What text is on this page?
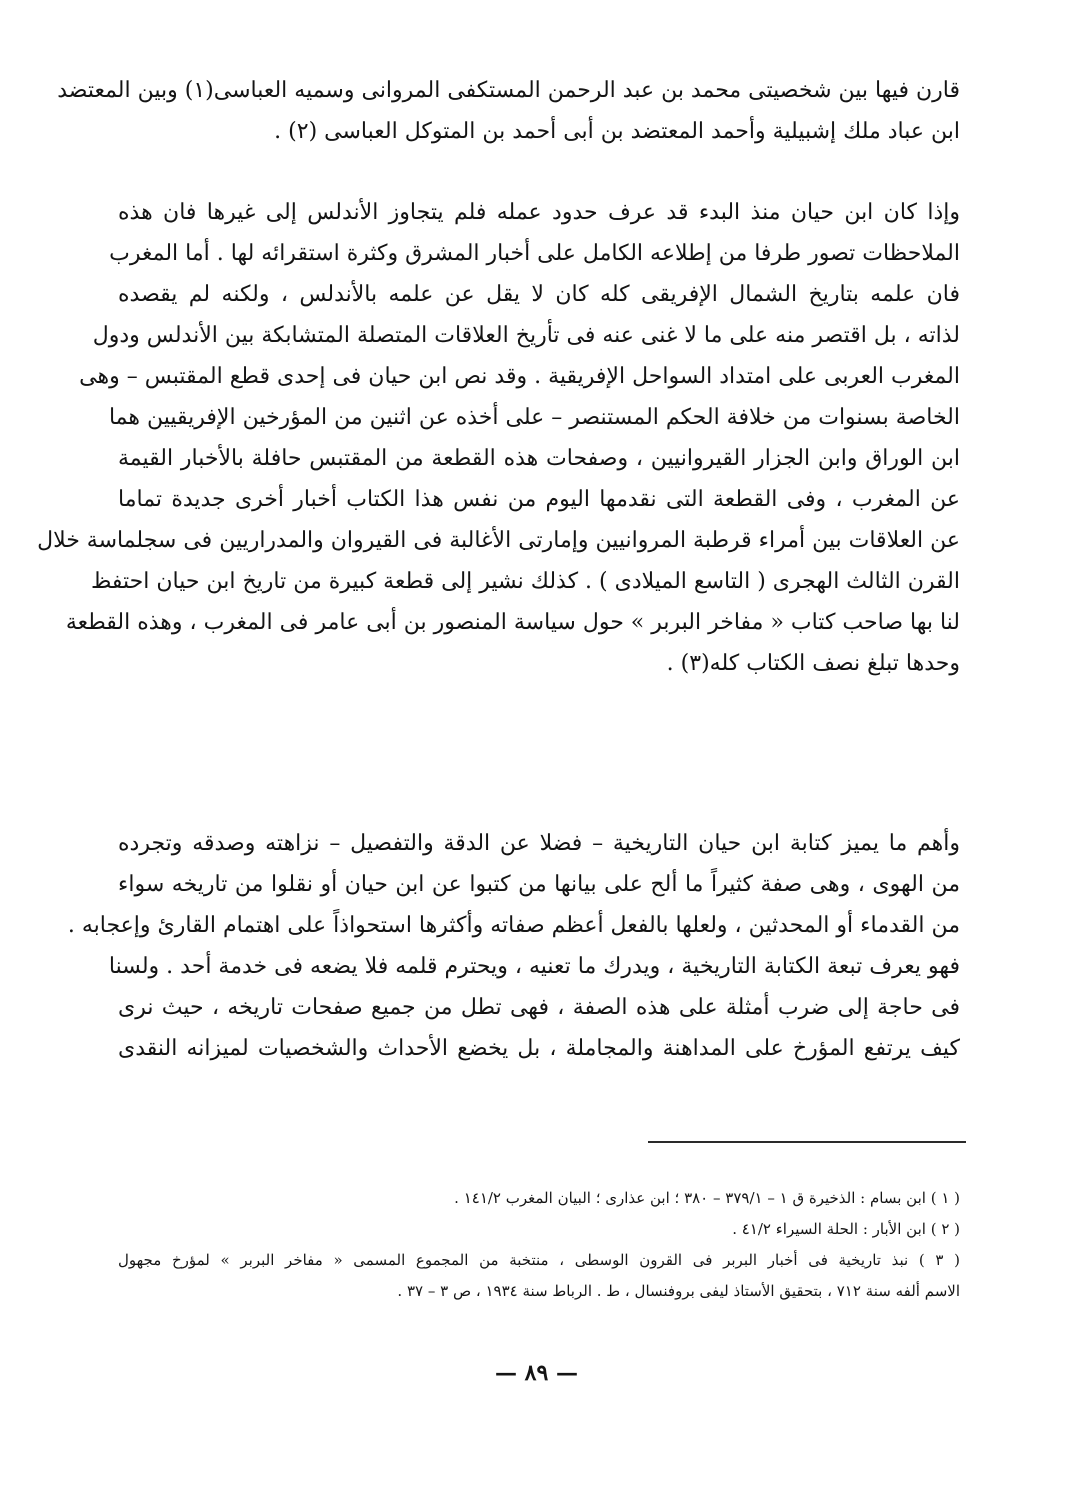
قارن فيها بين شخصيتى محمد بن عبد الرحمن المستكفى المروانى وسميه العباسى(١) وبين المعتضد
ابن عباد ملك إشبيلية وأحمد المعتضد بن أبى أحمد بن المتوكل العباسى (٢) .
وإذا كان ابن حيان منذ البدء قد عرف حدود عمله فلم يتجاوز الأندلس إلى غيرها فان هذه
الملاحظات تصور طرفا من إطلاعه الكامل على أخبار المشرق وكثرة استقرائه لها . أما المغرب
فان علمه بتاريخ الشمال الإفريقى كله كان لا يقل عن علمه بالأندلس ، ولكنه لم يقصده
لذاته ، بل اقتصر منه على ما لا غنى عنه فى تأريخ العلاقات المتصلة المتشابكة بين الأندلس ودول
المغرب العربى على امتداد السواحل الإفريقية . وقد نص ابن حيان فى إحدى قطع المقتبس – وهى
الخاصة بسنوات من خلافة الحكم المستنصر – على أخذه عن اثنين من المؤرخين الإفريقيين هما
ابن الوراق وابن الجزار القيروانيين ، وصفحات هذه القطعة من المقتبس حافلة بالأخبار القيمة
عن المغرب ، وفى القطعة التى نقدمها اليوم من نفس هذا الكتاب أخبار أخرى جديدة تماما
عن العلاقات بين أمراء قرطبة المروانيين وإمارتى الأغالبة فى القيروان والمدراريين فى سجلماسة خلال
القرن الثالث الهجرى ( التاسع الميلادى ) . كذلك نشير إلى قطعة كبيرة من تاريخ ابن حيان احتفظ
لنا بها صاحب كتاب « مفاخر البربر » حول سياسة المنصور بن أبى عامر فى المغرب ، وهذه القطعة
وحدها تبلغ نصف الكتاب كله(٣) .
وأهم ما يميز كتابة ابن حيان التاريخية – فضلا عن الدقة والتفصيل – نزاهته وصدقه وتجرده
من الهوى ، وهى صفة كثيراً ما ألح على بيانها من كتبوا عن ابن حيان أو نقلوا من تاريخه سواء
من القدماء أو المحدثين ، ولعلها بالفعل أعظم صفاته وأكثرها استحواذاً على اهتمام القارئ وإعجابه .
فهو يعرف تبعة الكتابة التاريخية ، ويدرك ما تعنيه ، ويحترم قلمه فلا يضعه فى خدمة أحد . ولسنا
فى حاجة إلى ضرب أمثلة على هذه الصفة ، فهى تطل من جميع صفحات تاريخه ، حيث نرى
كيف يرتفع المؤرخ على المداهنة والمجاملة ، بل يخضع الأحداث والشخصيات لميزانه النقدى
( ١ ) ابن بسام : الذخيرة ق ١ – ٣٧٩/١ – ٣٨٠ ؛ ابن عذارى ؛ البيان المغرب ١٤١/٢ .
( ٢ ) ابن الأبار : الحلة السيراء ٤١/٢ .
( ٣ ) نبذ تاريخية فى أخبار البربر فى القرون الوسطى ، منتخبة من المجموع المسمى « مفاخر البربر » لمؤرخ مجهول
الاسم ألفه سنة ٧١٢ ، بتحقيق الأستاذ ليفى بروفنسال ، ط . الرباط سنة ١٩٣٤ ، ص ٣ – ٣٧ .
— ٨٩ —
